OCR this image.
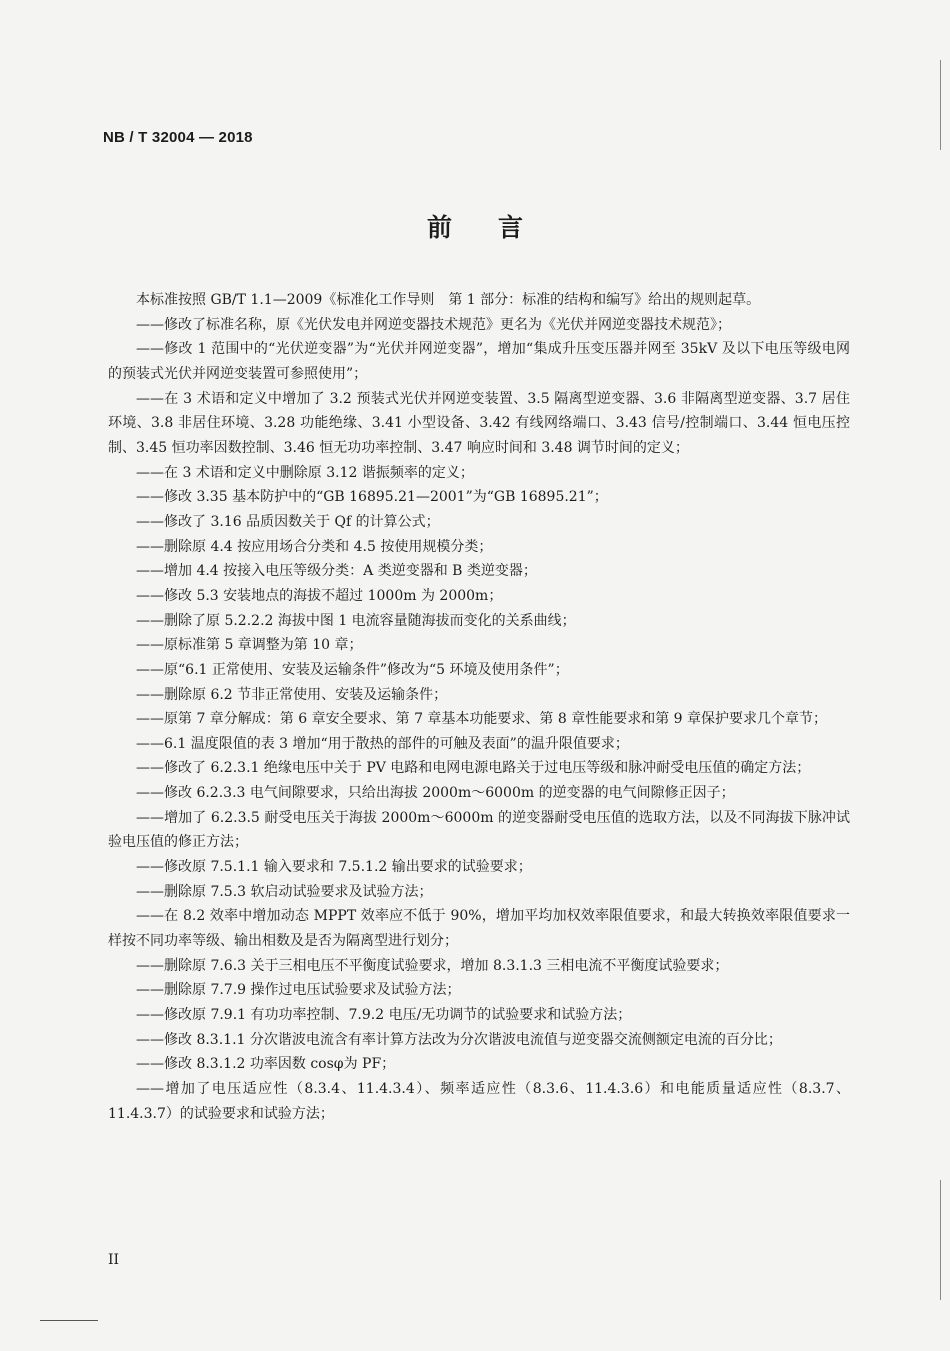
NB / T 32004 — 2018
前言

本标准按照 GB/T 1.1—2009《标准化工作导则　第 1 部分：标准的结构和编写》给出的规则起草。

——修改了标准名称，原《光伏发电并网逆变器技术规范》更名为《光伏并网逆变器技术规范》；

——修改 1 范围中的“光伏逆变器”为“光伏并网逆变器”，增加“集成升压变压器并网至 35kV 及以下电压等级电网的预装式光伏并网逆变装置可参照使用”；

——在 3 术语和定义中增加了 3.2 预装式光伏并网逆变装置、3.5 隔离型逆变器、3.6 非隔离型逆变器、3.7 居住环境、3.8 非居住环境、3.28 功能绝缘、3.41 小型设备、3.42 有线网络端口、3.43 信号/控制端口、3.44 恒电压控制、3.45 恒功率因数控制、3.46 恒无功功率控制、3.47 响应时间和 3.48 调节时间的定义；

——在 3 术语和定义中删除原 3.12 谐振频率的定义；

——修改 3.35 基本防护中的“GB 16895.21—2001”为“GB 16895.21”；

——修改了 3.16 品质因数关于 Qf 的计算公式；

——删除原 4.4 按应用场合分类和 4.5 按使用规模分类；

——增加 4.4 按接入电压等级分类：A 类逆变器和 B 类逆变器；

——修改 5.3 安装地点的海拔不超过 1000m 为 2000m；

——删除了原 5.2.2.2 海拔中图 1 电流容量随海拔而变化的关系曲线；

——原标准第 5 章调整为第 10 章；

——原“6.1 正常使用、安装及运输条件”修改为“5 环境及使用条件”；

——删除原 6.2 节非正常使用、安装及运输条件；

——原第 7 章分解成：第 6 章安全要求、第 7 章基本功能要求、第 8 章性能要求和第 9 章保护要求几个章节；

——6.1 温度限值的表 3 增加“用于散热的部件的可触及表面”的温升限值要求；

——修改了 6.2.3.1 绝缘电压中关于 PV 电路和电网电源电路关于过电压等级和脉冲耐受电压值的确定方法；

——修改 6.2.3.3 电气间隙要求，只给出海拔 2000m～6000m 的逆变器的电气间隙修正因子；

——增加了 6.2.3.5 耐受电压关于海拔 2000m～6000m 的逆变器耐受电压值的选取方法，以及不同海拔下脉冲试验电压值的修正方法；

——修改原 7.5.1.1 输入要求和 7.5.1.2 输出要求的试验要求；

——删除原 7.5.3 软启动试验要求及试验方法；

——在 8.2 效率中增加动态 MPPT 效率应不低于 90%，增加平均加权效率限值要求，和最大转换效率限值要求一样按不同功率等级、输出相数及是否为隔离型进行划分；

——删除原 7.6.3 关于三相电压不平衡度试验要求，增加 8.3.1.3 三相电流不平衡度试验要求；

——删除原 7.7.9 操作过电压试验要求及试验方法；

——修改原 7.9.1 有功功率控制、7.9.2 电压/无功调节的试验要求和试验方法；

——修改 8.3.1.1 分次谐波电流含有率计算方法改为分次谐波电流值与逆变器交流侧额定电流的百分比；

——修改 8.3.1.2 功率因数 cosφ为 PF；

——增加了电压适应性（8.3.4、11.4.3.4）、频率适应性（8.3.6、11.4.3.6）和电能质量适应性（8.3.7、11.4.3.7）的试验要求和试验方法；

II
